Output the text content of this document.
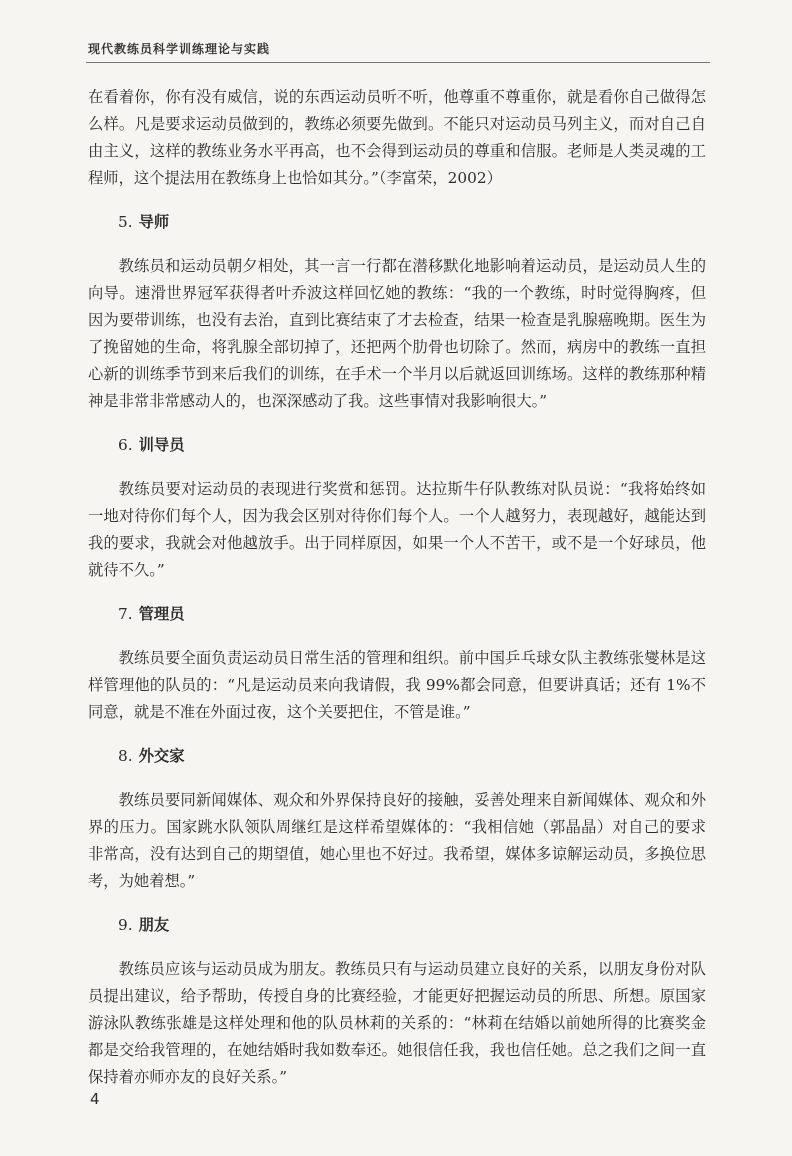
现代教练员科学训练理论与实践

在看着你，你有没有威信，说的东西运动员听不听，他尊重不尊重你，就是看你自己做得怎么样。凡是要求运动员做到的，教练必须要先做到。不能只对运动员马列主义，而对自己自由主义，这样的教练业务水平再高，也不会得到运动员的尊重和信服。老师是人类灵魂的工程师，这个提法用在教练身上也恰如其分。”（李富荣，2002）

5. 导师

教练员和运动员朝夕相处，其一言一行都在潜移默化地影响着运动员，是运动员人生的向导。速滑世界冠军获得者叶乔波这样回忆她的教练：“我的一个教练，时时觉得胸疼，但因为要带训练，也没有去治，直到比赛结束了才去检查，结果一检查是乳腺癌晚期。医生为了挽留她的生命，将乳腺全部切掉了，还把两个肋骨也切除了。然而，病房中的教练一直担心新的训练季节到来后我们的训练，在手术一个半月以后就返回训练场。这样的教练那种精神是非常非常感动人的，也深深感动了我。这些事情对我影响很大。”

6. 训导员

教练员要对运动员的表现进行奖赏和惩罚。达拉斯牛仔队教练对队员说：“我将始终如一地对待你们每个人，因为我会区别对待你们每个人。一个人越努力，表现越好，越能达到我的要求，我就会对他越放手。出于同样原因，如果一个人不苦干，或不是一个好球员，他就待不久。”

7. 管理员

教练员要全面负责运动员日常生活的管理和组织。前中国乒乓球女队主教练张燮林是这样管理他的队员的：“凡是运动员来向我请假，我 99%都会同意，但要讲真话；还有 1%不同意，就是不准在外面过夜，这个关要把住，不管是谁。”

8. 外交家

教练员要同新闻媒体、观众和外界保持良好的接触，妥善处理来自新闻媒体、观众和外界的压力。国家跳水队领队周继红是这样希望媒体的：“我相信她（郭晶晶）对自己的要求非常高，没有达到自己的期望值，她心里也不好过。我希望，媒体多谅解运动员，多换位思考，为她着想。”

9. 朋友

教练员应该与运动员成为朋友。教练员只有与运动员建立良好的关系，以朋友身份对队员提出建议，给予帮助，传授自身的比赛经验，才能更好把握运动员的所思、所想。原国家游泳队教练张雄是这样处理和他的队员林莉的关系的：“林莉在结婚以前她所得的比赛奖金都是交给我管理的，在她结婚时我如数奉还。她很信任我，我也信任她。总之我们之间一直保持着亦师亦友的良好关系。”

4
